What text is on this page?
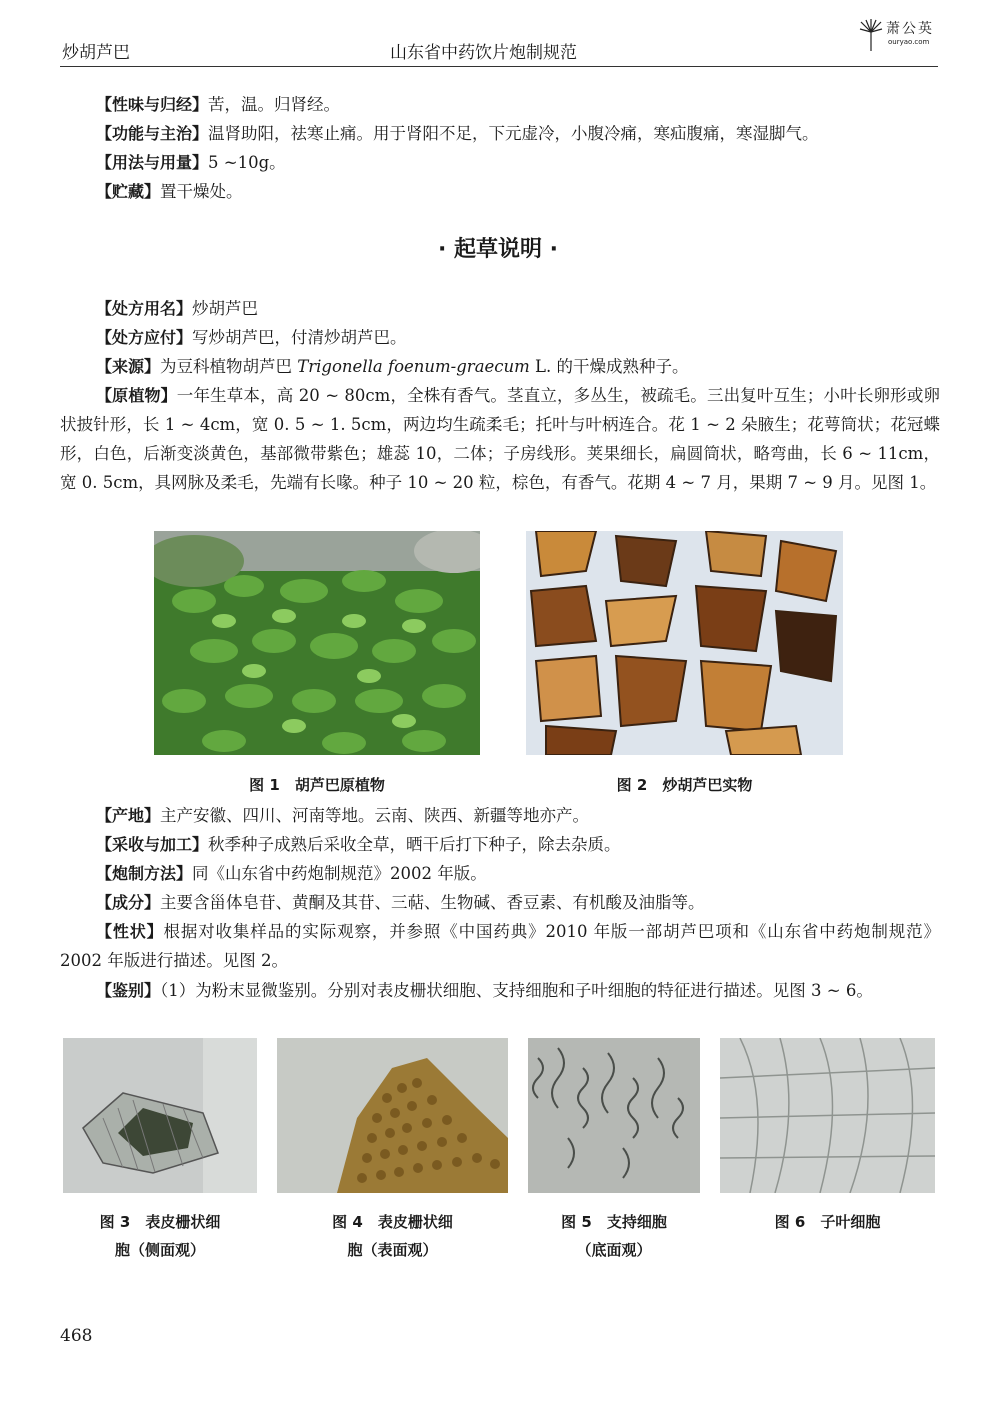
炒胡芦巴	山东省中药饮片炮制规范
萧公英
ouryao.com
【性味与归经】苦，温。归肾经。
【功能与主治】温肾助阳，祛寒止痛。用于肾阳不足，下元虚冷，小腹冷痛，寒疝腹痛，寒湿脚气。
【用法与用量】5 ~10g。
【贮藏】置干燥处。
· 起草说明 ·
【处方用名】炒胡芦巴
【处方应付】写炒胡芦巴，付清炒胡芦巴。
【来源】为豆科植物胡芦巴 Trigonella foenum-graecum L. 的干燥成熟种子。
【原植物】一年生草本，高 20 ~ 80cm，全株有香气。茎直立，多丛生，被疏毛。三出复叶互生；小叶长卵形或卵状披针形，长 1 ~ 4cm，宽 0. 5 ~ 1. 5cm，两边均生疏柔毛；托叶与叶柄连合。花 1 ~ 2 朵腋生；花萼筒状；花冠蝶形，白色，后渐变淡黄色，基部微带紫色；雄蕊 10，二体；子房线形。荚果细长，扁圆筒状，略弯曲，长 6 ~ 11cm，宽 0. 5cm，具网脉及柔毛，先端有长喙。种子 10 ~ 20 粒，棕色，有香气。花期 4 ~ 7 月，果期 7 ~ 9 月。见图 1。
图 1　胡芦巴原植物	图 2　炒胡芦巴实物
【产地】主产安徽、四川、河南等地。云南、陕西、新疆等地亦产。
【采收与加工】秋季种子成熟后采收全草，晒干后打下种子，除去杂质。
【炮制方法】同《山东省中药炮制规范》2002 年版。
【成分】主要含甾体皂苷、黄酮及其苷、三萜、生物碱、香豆素、有机酸及油脂等。
【性状】根据对收集样品的实际观察，并参照《中国药典》2010 年版一部胡芦巴项和《山东省中药炮制规范》2002 年版进行描述。见图 2。
【鉴别】（1）为粉末显微鉴别。分别对表皮栅状细胞、支持细胞和子叶细胞的特征进行描述。见图 3 ~ 6。
图 3　表皮栅状细
胞（侧面观）
图 4　表皮栅状细
胞（表面观）
图 5　支持细胞
（底面观）
图 6　子叶细胞
468
